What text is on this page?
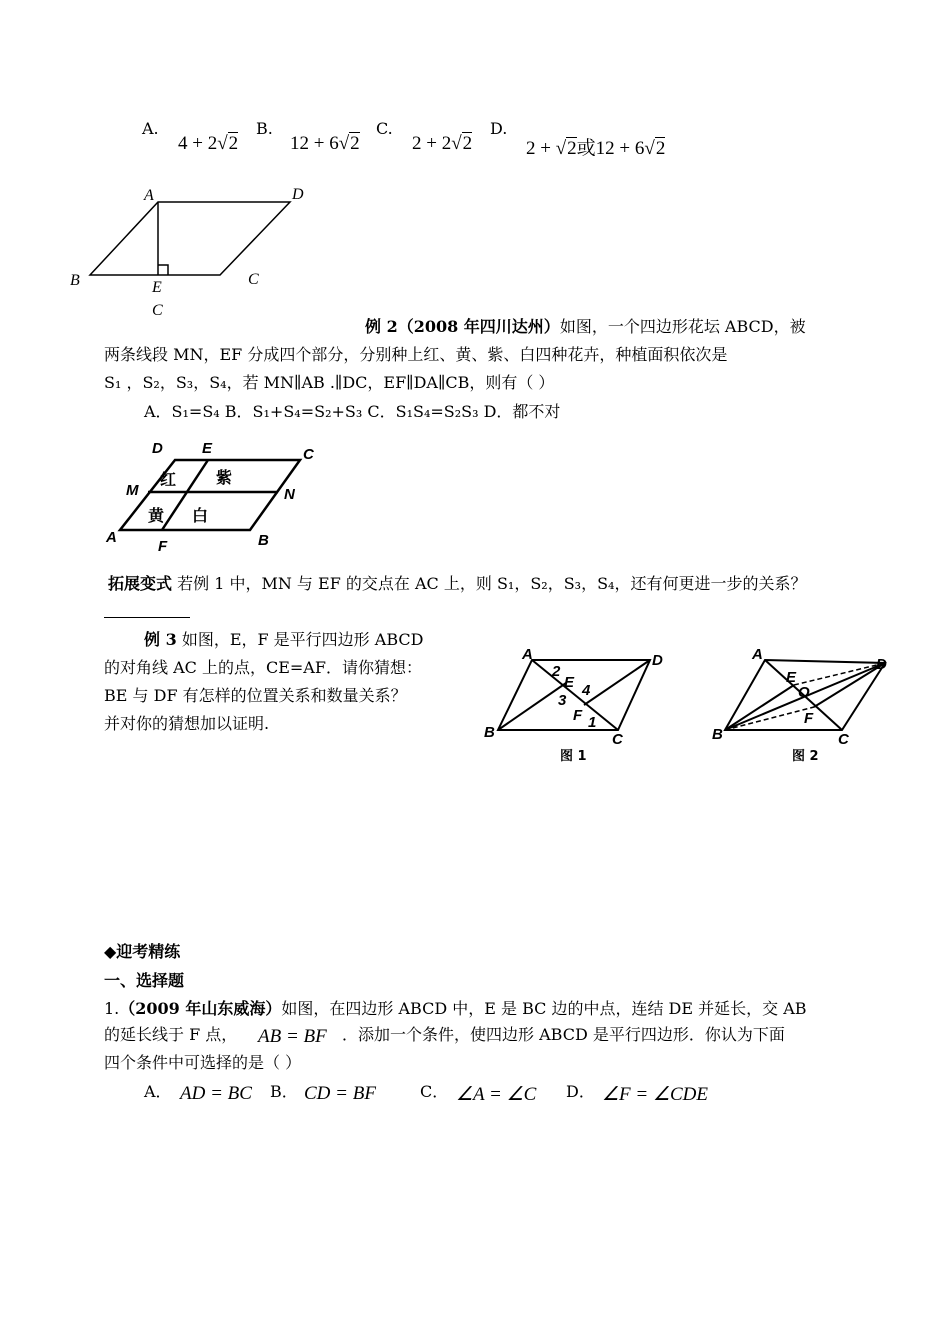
A.
4 + 2√2
B.
12 + 6√2
C.
2 + 2√2
D.
2 + √2或12 + 6√2
A	D
B	C
E
C
例 2（2008 年四川达州）如图，一个四边形花坛 ABCD，被
两条线段 MN，EF 分成四个部分，分别种上红、黄、紫、白四种花卉，种植面积依次是
S₁ ，S₂，S₃，S₄，若 MN∥AB .∥DC，EF∥DA∥CB，则有（ ）
A．S₁=S₄ B．S₁+S₄=S₂+S₃ C．S₁S₄=S₂S₃ D．都不对
D	E	C
M	N
A
F	B
红 紫
黄 白
拓展变式 若例 1 中，MN 与 EF 的交点在 AC 上，则 S₁，S₂，S₃，S₄，还有何更进一步的关系？
例 3 如图，E，F 是平行四边形 ABCD
的对角线 AC 上的点，CE=AF．请你猜想：
BE 与 DF 有怎样的位置关系和数量关系？
并对你的猜想加以证明.
A	D
B	C
E
F
2
3
4
1
图 1
A
D
B	C
E
O
F
图 2
◆迎考精练
一、选择题
1.（2009 年山东威海）如图，在四边形 ABCD 中，E 是 BC 边的中点，连结 DE 并延长，交 AB
的延长线于 F 点， AB = BF ．添加一个条件，使四边形 ABCD 是平行四边形．你认为下面
四个条件中可选择的是（ ）
A． AD = BC B． CD = BF	C． ∠A = ∠C D． ∠F = ∠CDE
